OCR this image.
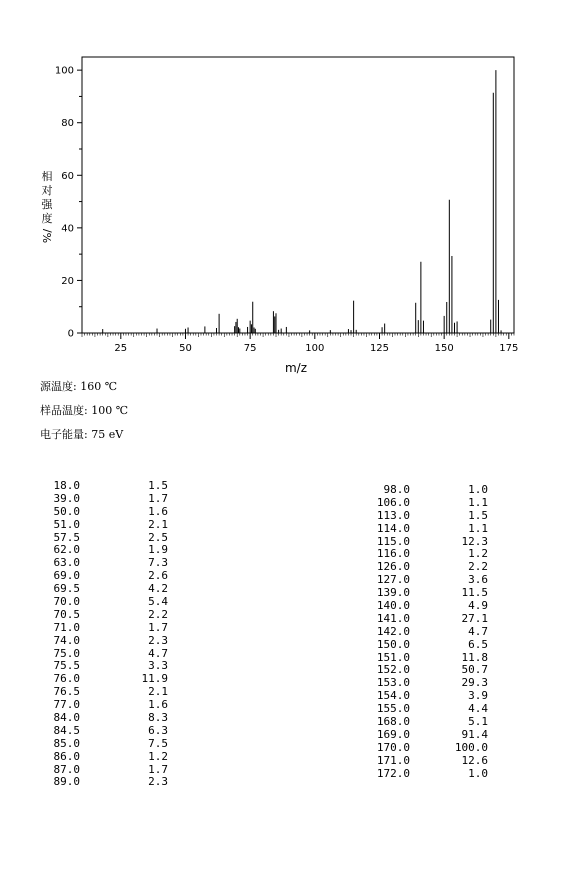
0
20
40
60
80
100
25	50	75	100	125	150	175
m/z
相
对
强
度
%/
源温度: 160 ℃
样品温度: 100 ℃
电子能量: 75 eV
18.0	1.5
39.0	1.7
50.0	1.6
51.0	2.1
57.5	2.5
62.0	1.9
63.0	7.3
69.0	2.6
69.5	4.2
70.0	5.4
70.5	2.2
71.0	1.7
74.0	2.3
75.0	4.7
75.5	3.3
76.0	11.9
76.5	2.1
77.0	1.6
84.0	8.3
84.5	6.3
85.0	7.5
86.0	1.2
87.0	1.7
89.0	2.3
98.0	1.0
106.0	1.1
113.0	1.5
114.0	1.1
115.0	12.3
116.0	1.2
126.0	2.2
127.0	3.6
139.0	11.5
140.0	4.9
141.0	27.1
142.0	4.7
150.0	6.5
151.0	11.8
152.0	50.7
153.0	29.3
154.0	3.9
155.0	4.4
168.0	5.1
169.0	91.4
170.0	100.0
171.0	12.6
172.0	1.0
